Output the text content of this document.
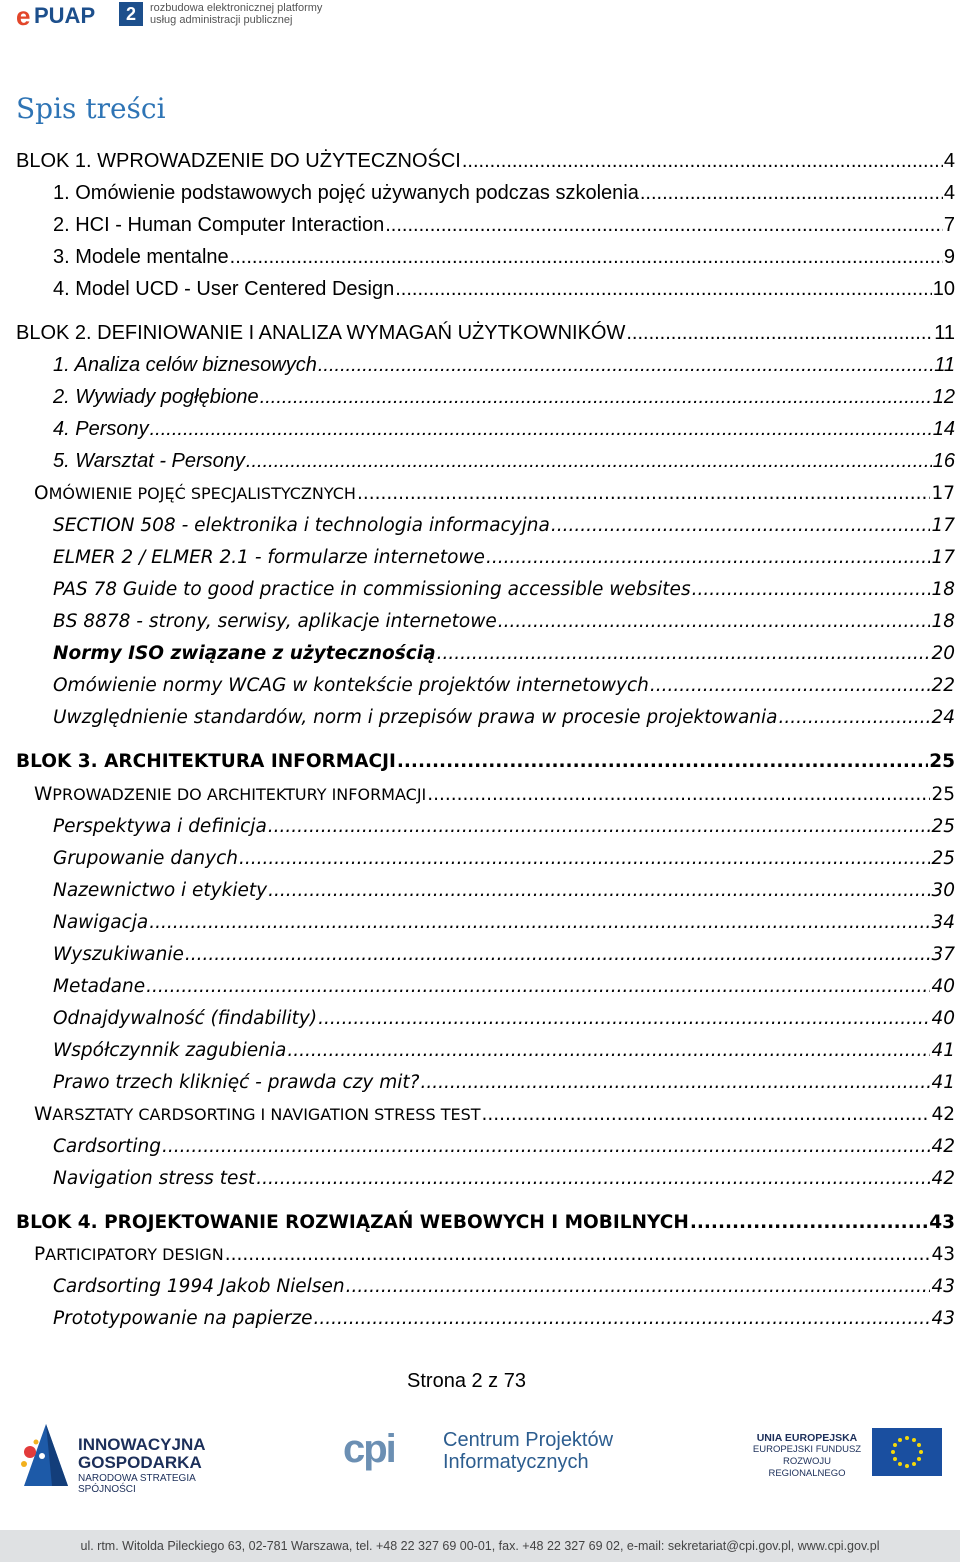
e PUAP	2	rozbudowa elektronicznej platformy
usług administracji publicznej
Spis treści
BLOK 1. WPROWADZENIE DO UŻYTECZNOŚCI .....	4
1. Omówienie podstawowych pojęć używanych podczas szkolenia .....	4
2. HCI - Human Computer Interaction .....	7
3. Modele mentalne .....	9
4. Model UCD - User Centered Design .....	10
BLOK 2. DEFINIOWANIE I ANALIZA WYMAGAŃ UŻYTKOWNIKÓW .....	11
1. Analiza celów biznesowych .....	11
2. Wywiady pogłębione .....	12
4. Persony .....	14
5. Warsztat - Persony .....	16
OMÓWIENIE POJĘĆ SPECJALISTYCZNYCH .....	17
SECTION 508 - elektronika i technologia informacyjna .....	17
ELMER 2 / ELMER 2.1 - formularze internetowe .....	17
PAS 78 Guide to good practice in commissioning accessible websites .....	18
BS 8878 - strony, serwisy, aplikacje internetowe .....	18
Normy ISO związane z użytecznością .....	20
Omówienie normy WCAG w kontekście projektów internetowych .....	22
Uwzględnienie standardów, norm i przepisów prawa w procesie projektowania .....	24
BLOK 3. ARCHITEKTURA INFORMACJI .....	25
WPROWADZENIE DO ARCHITEKTURY INFORMACJI .....	25
Perspektywa i definicja .....	25
Grupowanie danych .....	25
Nazewnictwo i etykiety .....	30
Nawigacja .....	34
Wyszukiwanie .....	37
Metadane .....	40
Odnajdywalność (findability) .....	40
Współczynnik zagubienia .....	41
Prawo trzech kliknięć - prawda czy mit? .....	41
WARSZTATY CARDSORTING I NAVIGATION STRESS TEST .....	42
Cardsorting .....	42
Navigation stress test .....	42
BLOK 4. PROJEKTOWANIE ROZWIĄZAŃ WEBOWYCH I MOBILNYCH .....	43
PARTICIPATORY DESIGN .....	43
Cardsorting 1994 Jakob Nielsen .....	43
Prototypowanie na papierze .....	43
Strona 2 z 73
INNOWACYJNA
GOSPODARKA
NARODOWA STRATEGIA SPÓJNOŚCI
cpi Centrum Projektów
Informatycznych
UNIA EUROPEJSKA
EUROPEJSKI FUNDUSZ
ROZWOJU REGIONALNEGO
ul. rtm. Witolda Pileckiego 63, 02-781 Warszawa, tel. +48 22 327 69 00-01, fax. +48 22 327 69 02, e-mail: sekretariat@cpi.gov.pl, www.cpi.gov.pl
